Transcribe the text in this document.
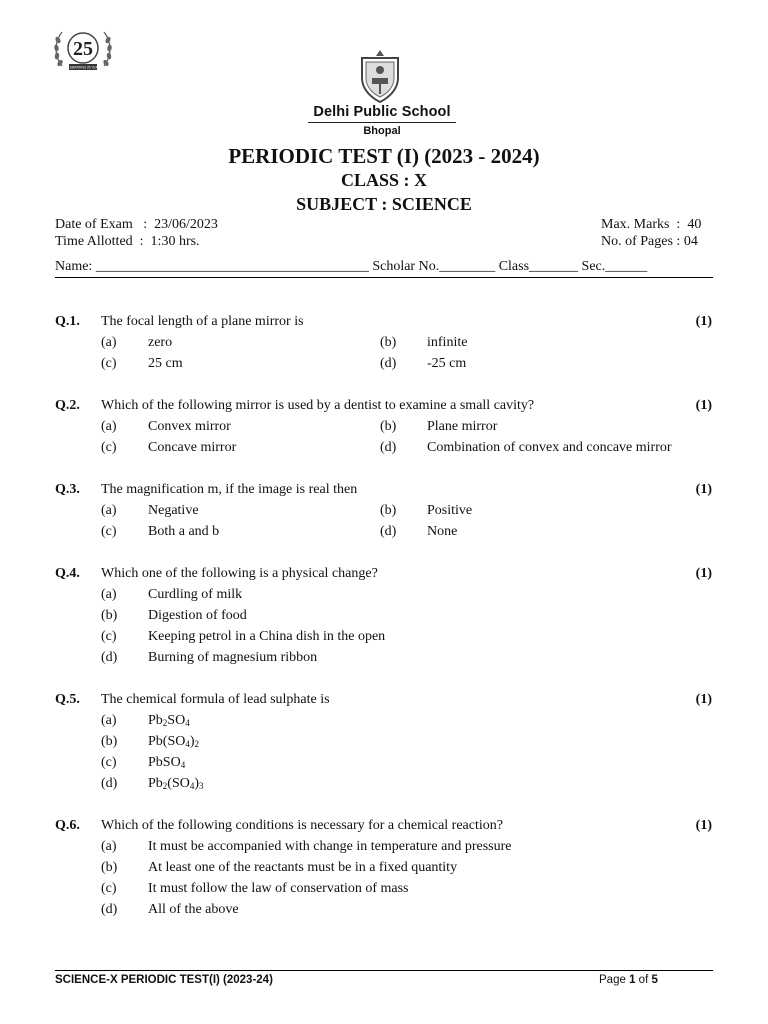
25
CELEBRATING 25 YEARS
Delhi Public School
Bhopal
PERIODIC TEST (I) (2023 - 2024)
CLASS : X
SUBJECT : SCIENCE
Date of Exam   :  23/06/2023
Time Allotted  :  1:30 hrs.
Max. Marks  :  40
No. of Pages : 04
Name: _______________________________________ Scholar No.________ Class_______ Sec.______
Q.1. The focal length of a plane mirror is	(1)
(a) zero	(b) infinite
(c) 25 cm	(d) -25 cm
Q.2. Which of the following mirror is used by a dentist to examine a small cavity?	(1)
(a) Convex mirror	(b) Plane mirror
(c) Concave mirror	(d) Combination of convex and concave mirror
Q.3. The magnification m, if the image is real then	(1)
(a) Negative	(b) Positive
(c) Both a and b	(d) None
Q.4. Which one of the following is a physical change?	(1)
(a) Curdling of milk
(b) Digestion of food
(c) Keeping petrol in a China dish in the open
(d) Burning of magnesium ribbon
Q.5. The chemical formula of lead sulphate is	(1)
(a) $Pb_2SO_4$
(b) $Pb(SO_4)_2$
(c) PbSO$_4$
(d) $Pb_2(SO_4)_3$
Q.6. Which of the following conditions is necessary for a chemical reaction?	(1)
(a) It must be accompanied with change in temperature and pressure
(b) At least one of the reactants must be in a fixed quantity
(c) It must follow the law of conservation of mass
(d) All of the above
SCIENCE-X PERIODIC TEST(I) (2023-24)	Page 1 of 5
